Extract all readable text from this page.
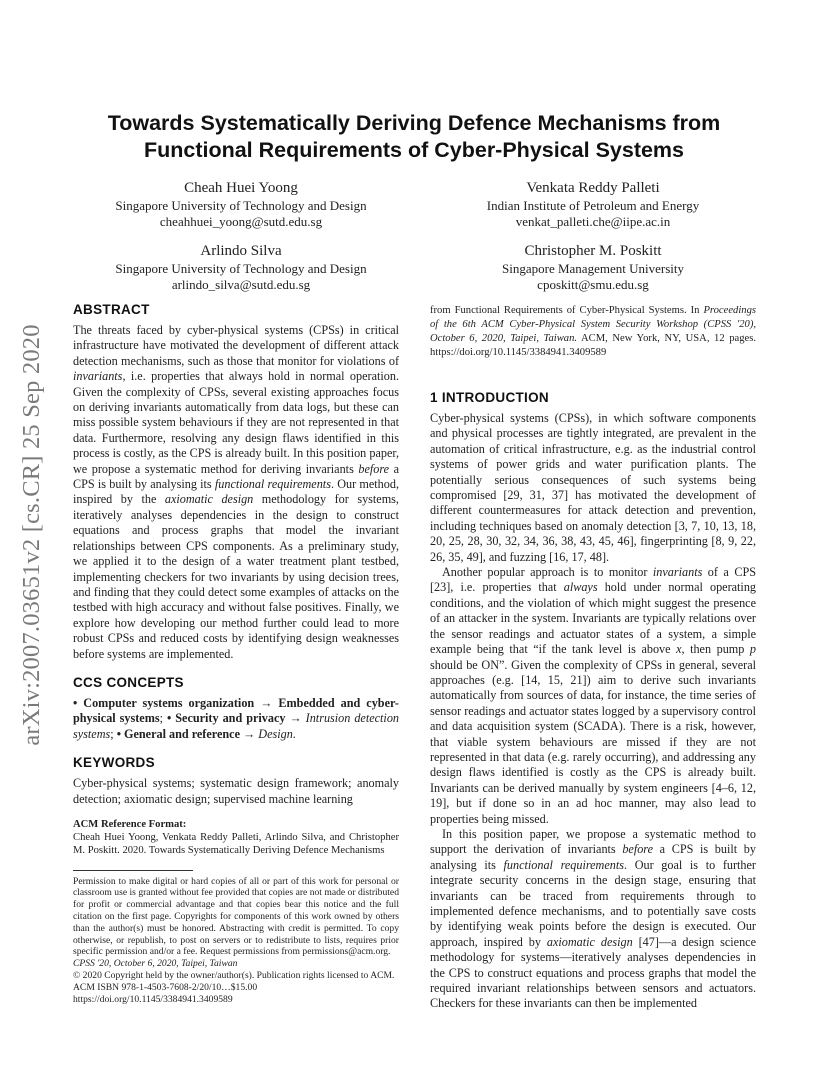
arXiv:2007.03651v2 [cs.CR] 25 Sep 2020
Towards Systematically Deriving Defence Mechanisms from Functional Requirements of Cyber-Physical Systems
Cheah Huei Yoong
Singapore University of Technology and Design
cheahhuei_yoong@sutd.edu.sg
Venkata Reddy Palleti
Indian Institute of Petroleum and Energy
venkat_palleti.che@iipe.ac.in
Arlindo Silva
Singapore University of Technology and Design
arlindo_silva@sutd.edu.sg
Christopher M. Poskitt
Singapore Management University
cposkitt@smu.edu.sg
ABSTRACT

The threats faced by cyber-physical systems (CPSs) in critical infrastructure have motivated the development of different attack detection mechanisms, such as those that monitor for violations of invariants, i.e. properties that always hold in normal operation. Given the complexity of CPSs, several existing approaches focus on deriving invariants automatically from data logs, but these can miss possible system behaviours if they are not represented in that data. Furthermore, resolving any design flaws identified in this process is costly, as the CPS is already built. In this position paper, we propose a systematic method for deriving invariants before a CPS is built by analysing its functional requirements. Our method, inspired by the axiomatic design methodology for systems, iteratively analyses dependencies in the design to construct equations and process graphs that model the invariant relationships between CPS components. As a preliminary study, we applied it to the design of a water treatment plant testbed, implementing checkers for two invariants by using decision trees, and finding that they could detect some examples of attacks on the testbed with high accuracy and without false positives. Finally, we explore how developing our method further could lead to more robust CPSs and reduced costs by identifying design weaknesses before systems are implemented.

CCS CONCEPTS

• Computer systems organization → Embedded and cyber-physical systems; • Security and privacy → Intrusion detection systems; • General and reference → Design.

KEYWORDS

Cyber-physical systems; systematic design framework; anomaly detection; axiomatic design; supervised machine learning

ACM Reference Format:

Cheah Huei Yoong, Venkata Reddy Palleti, Arlindo Silva, and Christopher M. Poskitt. 2020. Towards Systematically Deriving Defence Mechanisms

Permission to make digital or hard copies of all or part of this work for personal or classroom use is granted without fee provided that copies are not made or distributed for profit or commercial advantage and that copies bear this notice and the full citation on the first page. Copyrights for components of this work owned by others than the author(s) must be honored. Abstracting with credit is permitted. To copy otherwise, or republish, to post on servers or to redistribute to lists, requires prior specific permission and/or a fee. Request permissions from permissions@acm.org.

CPSS '20, October 6, 2020, Taipei, Taiwan
© 2020 Copyright held by the owner/author(s). Publication rights licensed to ACM.
ACM ISBN 978-1-4503-7608-2/20/10…$15.00
https://doi.org/10.1145/3384941.3409589

from Functional Requirements of Cyber-Physical Systems. In Proceedings of the 6th ACM Cyber-Physical System Security Workshop (CPSS '20), October 6, 2020, Taipei, Taiwan. ACM, New York, NY, USA, 12 pages. https://doi.org/10.1145/3384941.3409589

1 INTRODUCTION

Cyber-physical systems (CPSs), in which software components and physical processes are tightly integrated, are prevalent in the automation of critical infrastructure, e.g. as the industrial control systems of power grids and water purification plants. The potentially serious consequences of such systems being compromised [29, 31, 37] has motivated the development of different countermeasures for attack detection and prevention, including techniques based on anomaly detection [3, 7, 10, 13, 18, 20, 25, 28, 30, 32, 34, 36, 38, 43, 45, 46], fingerprinting [8, 9, 22, 26, 35, 49], and fuzzing [16, 17, 48].

Another popular approach is to monitor invariants of a CPS [23], i.e. properties that always hold under normal operating conditions, and the violation of which might suggest the presence of an attacker in the system. Invariants are typically relations over the sensor readings and actuator states of a system, a simple example being that “if the tank level is above x, then pump p should be ON”. Given the complexity of CPSs in general, several approaches (e.g. [14, 15, 21]) aim to derive such invariants automatically from sources of data, for instance, the time series of sensor readings and actuator states logged by a supervisory control and data acquisition system (SCADA). There is a risk, however, that viable system behaviours are missed if they are not represented in that data (e.g. rarely occurring), and addressing any design flaws identified is costly as the CPS is already built. Invariants can be derived manually by system engineers [4–6, 12, 19], but if done so in an ad hoc manner, may also lead to properties being missed.

In this position paper, we propose a systematic method to support the derivation of invariants before a CPS is built by analysing its functional requirements. Our goal is to further integrate security concerns in the design stage, ensuring that invariants can be traced from requirements through to implemented defence mechanisms, and to potentially save costs by identifying weak points before the design is executed. Our approach, inspired by axiomatic design [47]—a design science methodology for systems—iteratively analyses dependencies in the CPS to construct equations and process graphs that model the required invariant relationships between sensors and actuators. Checkers for these invariants can then be implemented
